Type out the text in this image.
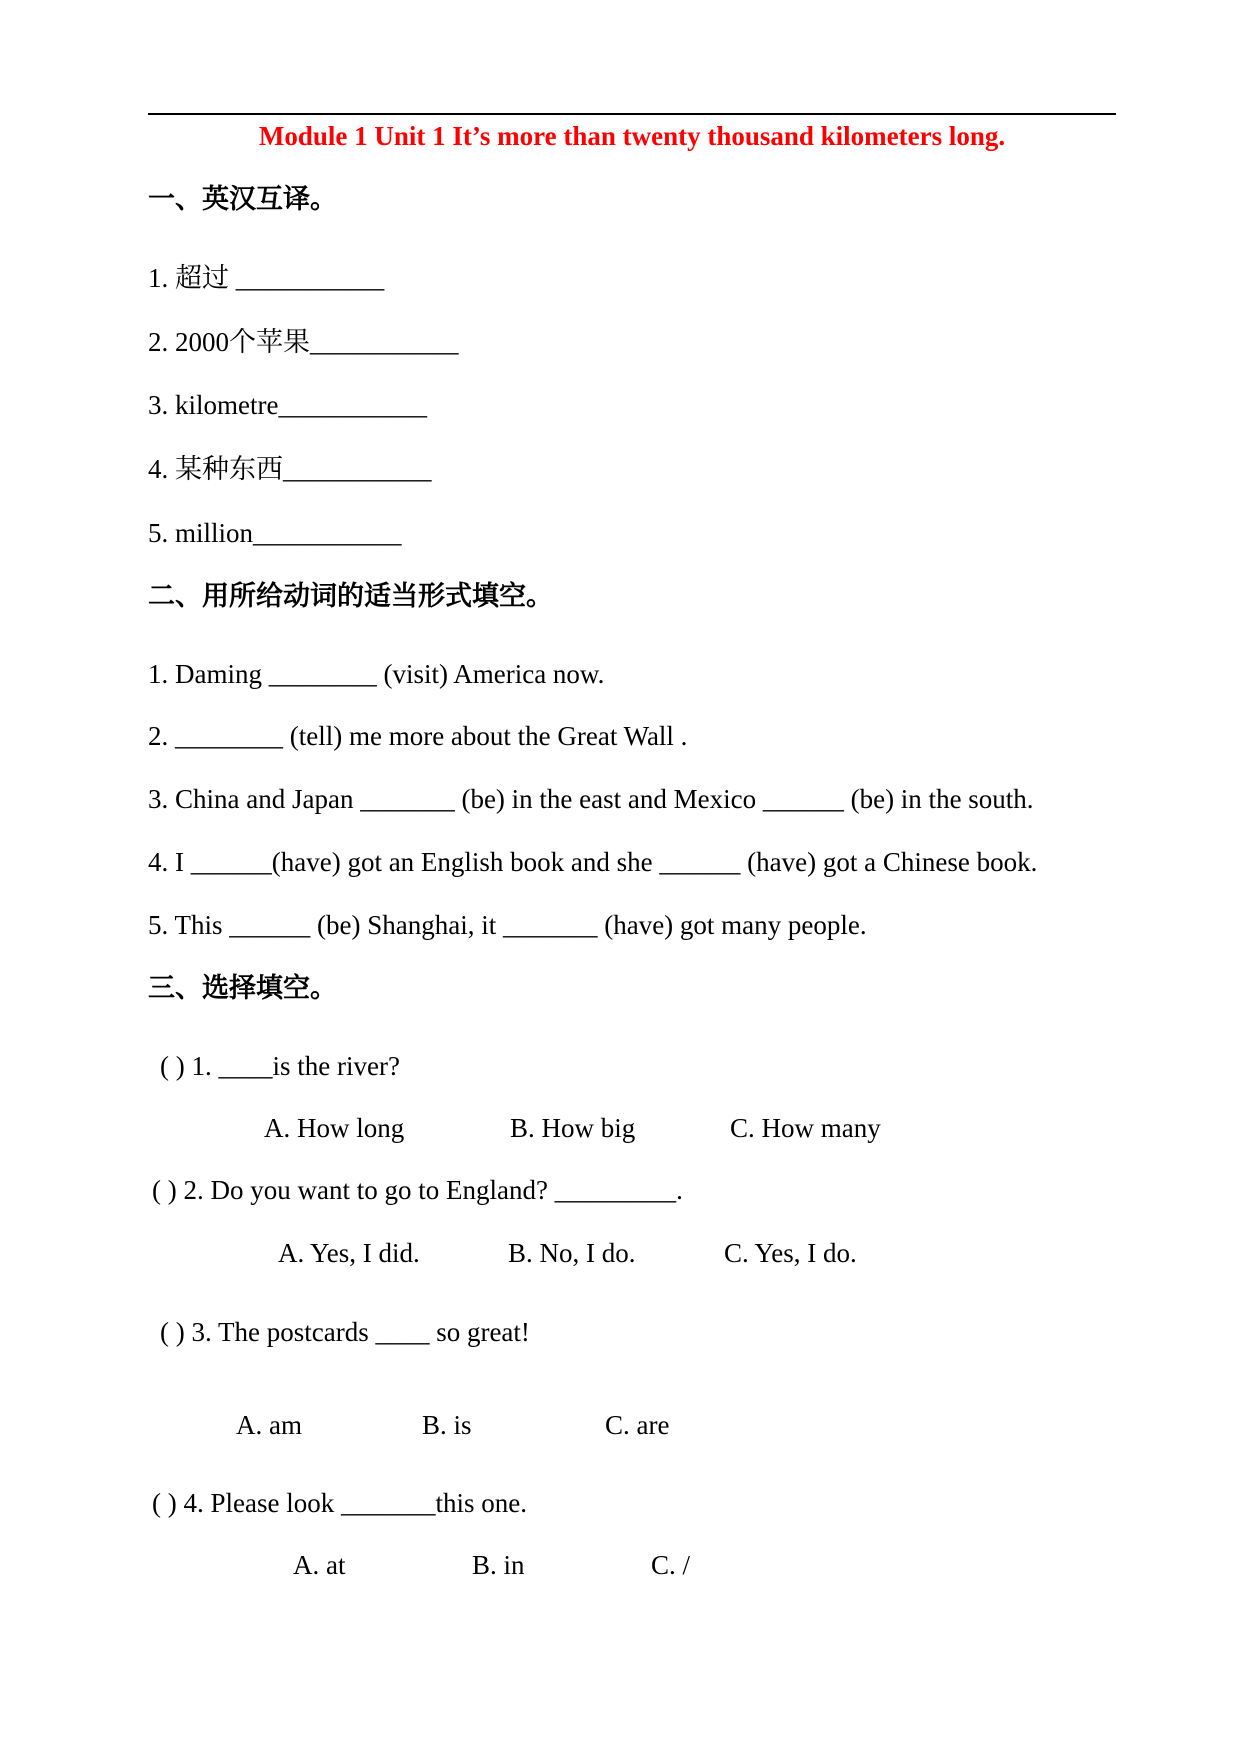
Module 1 Unit 1 It’s more than twenty thousand kilometers long.
一、英汉互译。
1. 超过 ___________
2. 2000个苹果___________
3. kilometre___________
4. 某种东西___________
5. million___________
二、用所给动词的适当形式填空。
1. Daming ________ (visit) America now.
2. ________ (tell) me more about the Great Wall .
3. China and Japan _______ (be) in the east and Mexico ______ (be) in the south.
4. I ______(have) got an English book and she ______ (have) got a Chinese book.
5. This ______ (be) Shanghai, it _______ (have) got many people.
三、选择填空。
( ) 1. ____is the river?
A. How long	B. How big	C. How many
( ) 2. Do you want to go to England? _________.
A. Yes, I did.	B. No, I do.	C. Yes, I do.
( ) 3. The postcards ____ so great!
A. am	B. is	C. are
( ) 4. Please look _______this one.
A. at	B. in	C. /
